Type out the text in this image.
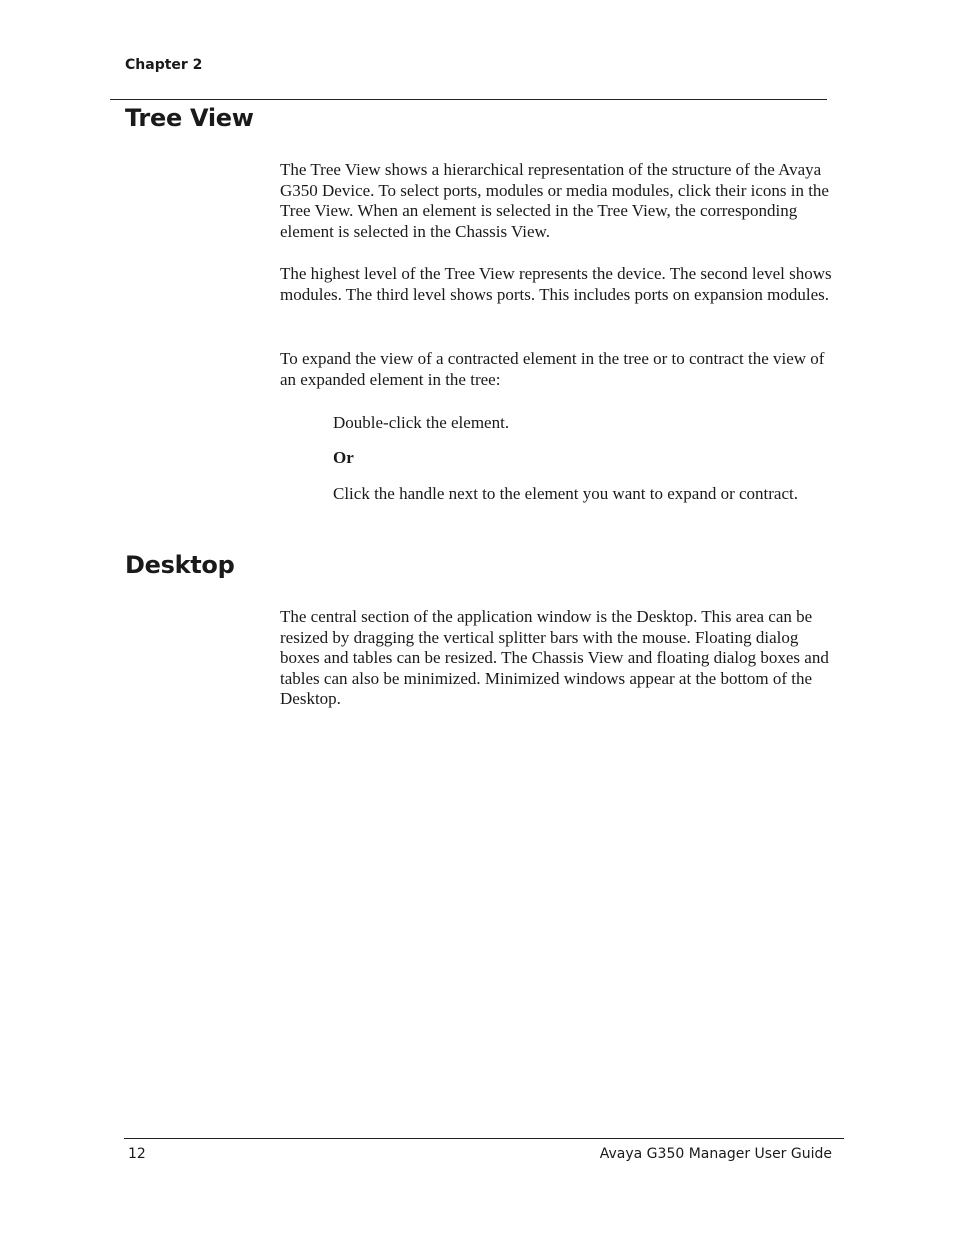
Chapter 2
Tree View

The Tree View shows a hierarchical representation of the structure of the Avaya G350 Device. To select ports, modules or media modules, click their icons in the Tree View. When an element is selected in the Tree View, the corresponding element is selected in the Chassis View.

The highest level of the Tree View represents the device. The second level shows modules. The third level shows ports. This includes ports on expansion modules.

To expand the view of a contracted element in the tree or to contract the view of an expanded element in the tree:

Double-click the element.

Or

Click the handle next to the element you want to expand or contract.

Desktop

The central section of the application window is the Desktop. This area can be resized by dragging the vertical splitter bars with the mouse. Floating dialog boxes and tables can be resized. The Chassis View and floating dialog boxes and tables can also be minimized. Minimized windows appear at the bottom of the Desktop.

12	Avaya G350 Manager User Guide
